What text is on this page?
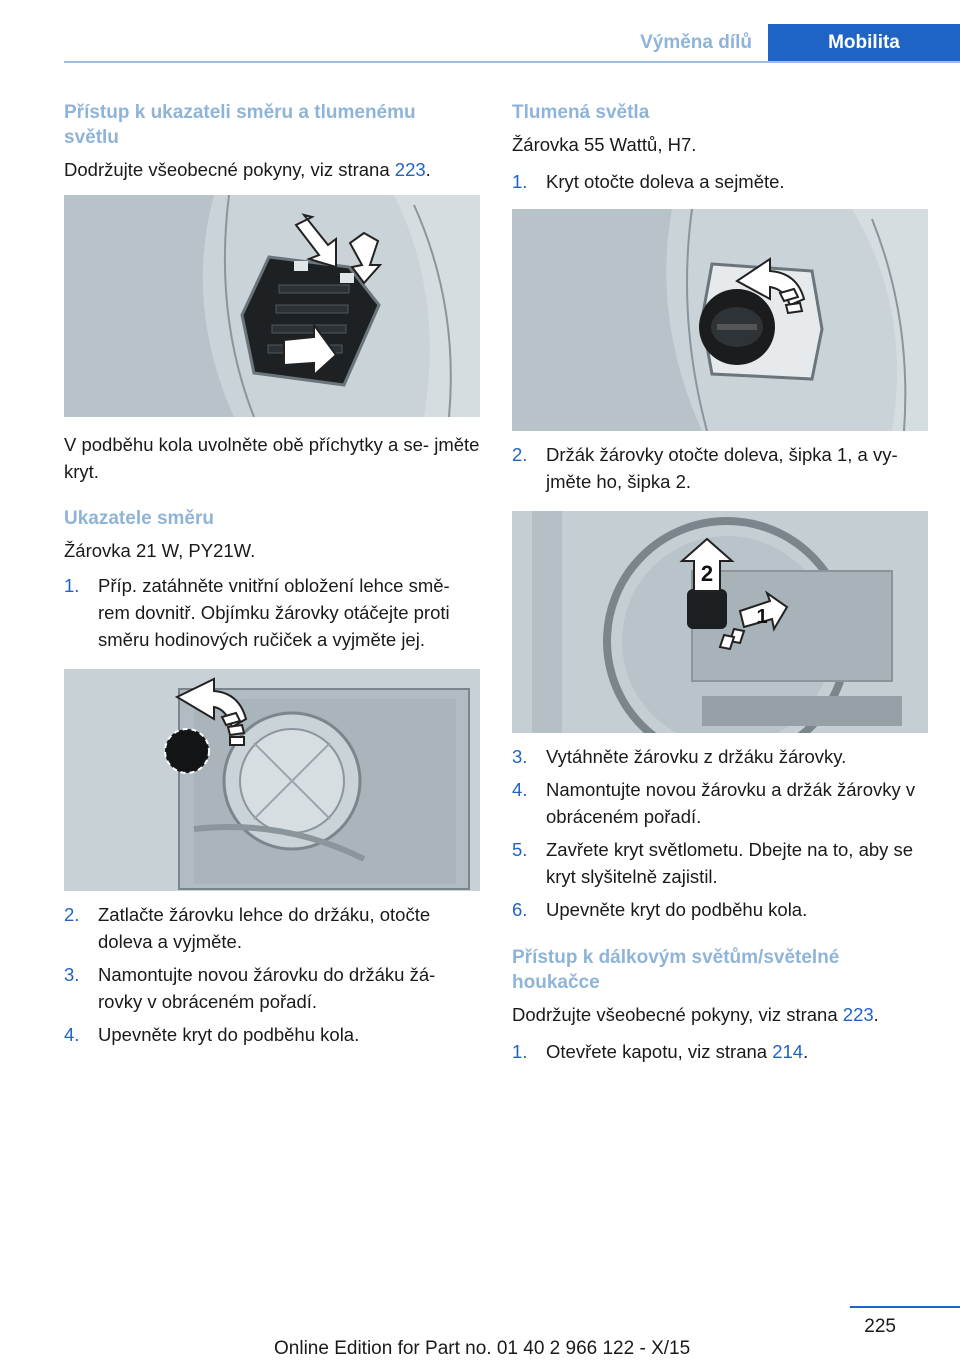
Výměna dílů	Mobilita
Přístup k ukazateli směru a tlumenému světlu

Dodržujte všeobecné pokyny, viz strana 223.

V podběhu kola uvolněte obě příchytky a se‐ jměte kryt.

Ukazatele směru

Žárovka 21 W, PY21W.

1.	Příp. zatáhněte vnitřní obložení lehce smě‐ rem dovnitř. Objímku žárovky otáčejte proti směru hodinových ručiček a vyjměte jej.
2.	Zatlačte žárovku lehce do držáku, otočte doleva a vyjměte.
3.	Namontujte novou žárovku do držáku žá‐ rovky v obráceném pořadí.
4.	Upevněte kryt do podběhu kola.
Tlumená světla

Žárovka 55 Wattů, H7.

1.	Kryt otočte doleva a sejměte.
2.	Držák žárovky otočte doleva, šipka 1, a vy‐ jměte ho, šipka 2.
2
1
3.	Vytáhněte žárovku z držáku žárovky.
4.	Namontujte novou žárovku a držák žárovky v obráceném pořadí.
5.	Zavřete kryt světlometu. Dbejte na to, aby se kryt slyšitelně zajistil.
6.	Upevněte kryt do podběhu kola.
Přístup k dálkovým světům/světelné houkačce

Dodržujte všeobecné pokyny, viz strana 223.

1.	Otevřete kapotu, viz strana 214.
225
Online Edition for Part no. 01 40 2 966 122 - X/15
